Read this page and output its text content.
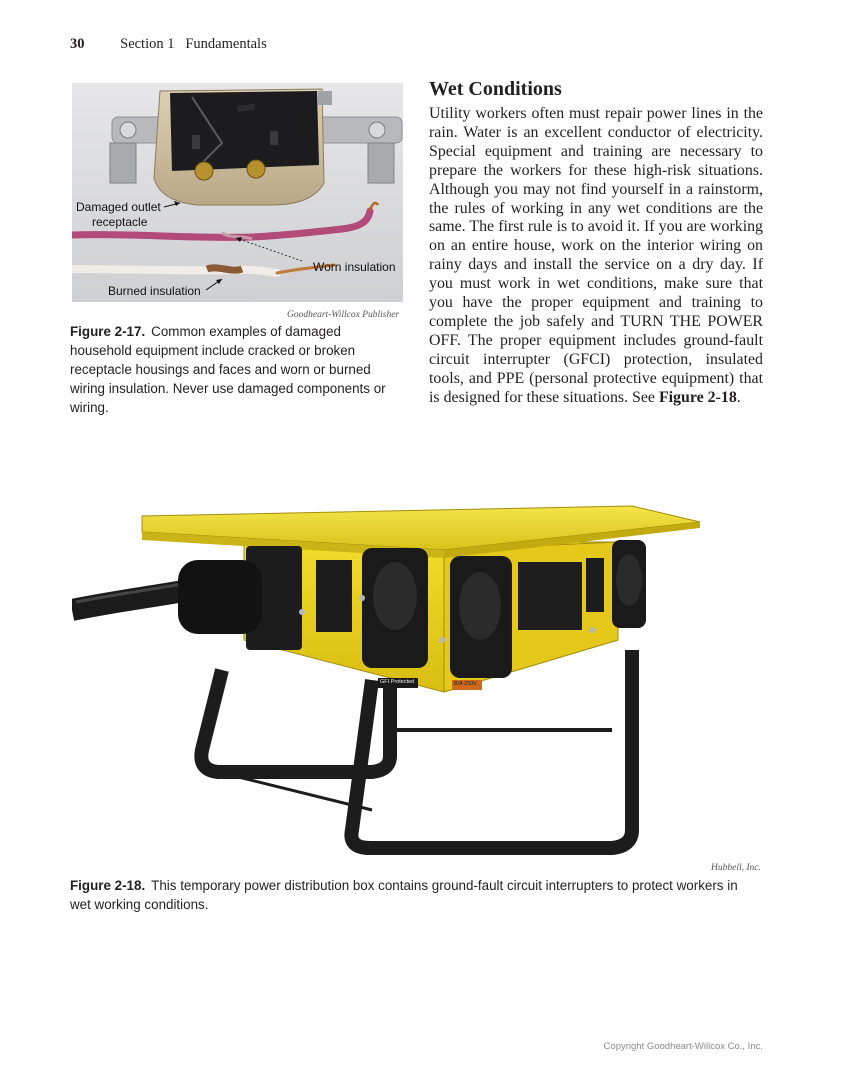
30 Section 1   Fundamentals
Damaged outlet
receptacle
Worn insulation
Burned insulation
Goodheart-Willcox Publisher
Figure 2-17. Common examples of damaged household equipment include cracked or broken receptacle housings and faces and worn or burned wiring insulation. Never use damaged components or wiring.
Wet Conditions

Utility workers often must repair power lines in the rain. Water is an excellent conductor of electricity. Special equipment and training are necessary to prepare the workers for these high-risk situations. Although you may not find yourself in a rainstorm, the rules of working in any wet conditions are the same. The first rule is to avoid it. If you are working on an entire house, work on the interior wiring on rainy days and install the service on a dry day. If you must work in wet conditions, make sure that you have the proper equipment and training to complete the job safely and TURN THE POWER OFF. The proper equipment includes ground-fault circuit interrupter (GFCI) protection, insulated tools, and PPE (personal protective equipment) that is designed for these situations. See Figure 2-18.

GFI Protected	30A 250V
Hubbell, Inc.
Figure 2-18. This temporary power distribution box contains ground-fault circuit interrupters to protect workers in wet working conditions.
Copyright Goodheart-Willcox Co., Inc.
